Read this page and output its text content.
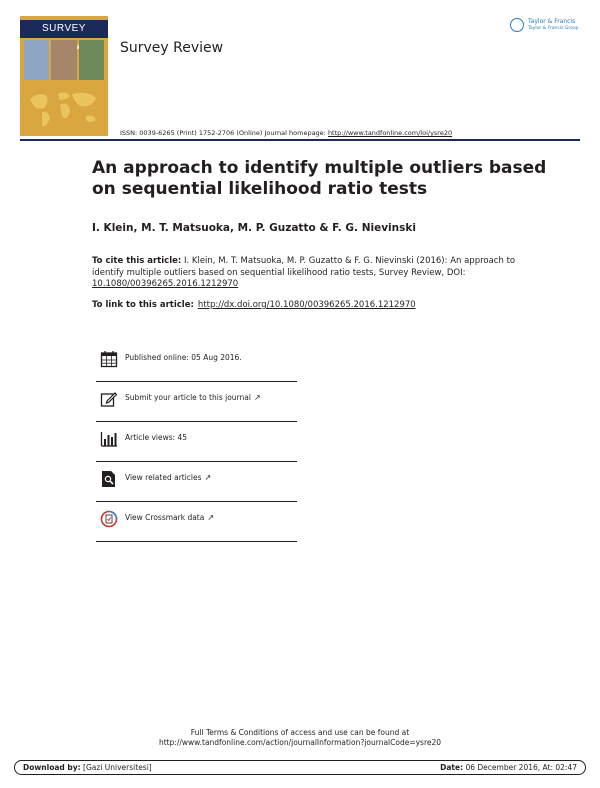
SURVEY
Survey Review
Taylor & Francis
Taylor & Francis Group
ISSN: 0039-6265 (Print) 1752-2706 (Online) Journal homepage: http://www.tandfonline.com/loi/ysre20
An approach to identify multiple outliers based on sequential likelihood ratio tests
I. Klein, M. T. Matsuoka, M. P. Guzatto & F. G. Nievinski
To cite this article: I. Klein, M. T. Matsuoka, M. P. Guzatto & F. G. Nievinski (2016): An approach to identify multiple outliers based on sequential likelihood ratio tests, Survey Review, DOI: 10.1080/00396265.2016.1212970
To link to this article: http://dx.doi.org/10.1080/00396265.2016.1212970
Published online: 05 Aug 2016.
Submit your article to this journal ↗
Article views: 45
View related articles ↗
View Crossmark data ↗
Full Terms & Conditions of access and use can be found at
http://www.tandfonline.com/action/journalInformation?journalCode=ysre20
Download by: [Gazi Universitesi]	Date: 06 December 2016, At: 02:47
